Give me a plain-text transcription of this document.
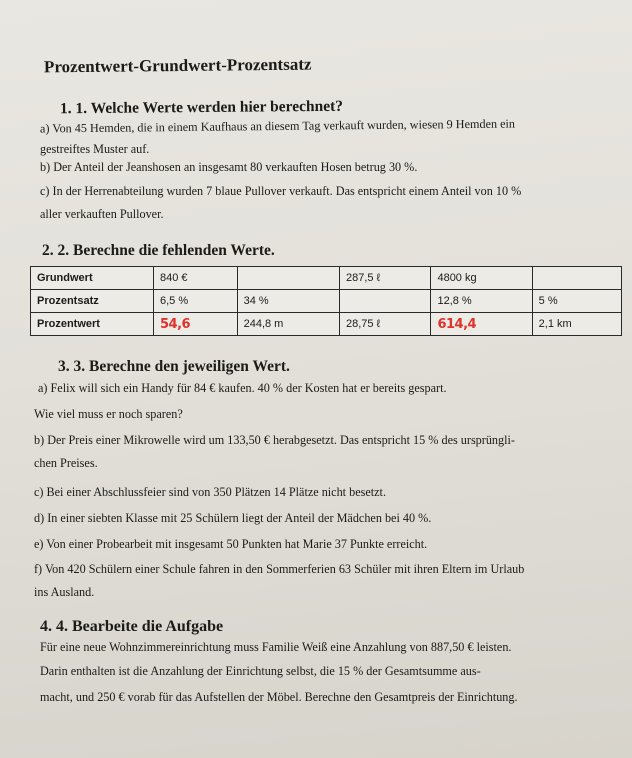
Prozentwert-Grundwert-Prozentsatz
1. 1. Welche Werte werden hier berechnet?
a) Von 45 Hemden, die in einem Kaufhaus an diesem Tag verkauft wurden, wiesen 9 Hemden ein
gestreiftes Muster auf.
b) Der Anteil der Jeanshosen an insgesamt 80 verkauften Hosen betrug 30 %.
c) In der Herrenabteilung wurden 7 blaue Pullover verkauft. Das entspricht einem Anteil von 10 %
aller verkauften Pullover.
2. 2. Berechne die fehlenden Werte.
Grundwert	840 €		287,5 ℓ	4800 kg	
Prozentsatz	6,5 %	34 %		12,8 %	5 %
Prozentwert	54,6	244,8 m	28,75 ℓ	614,4	2,1 km
3. 3. Berechne den jeweiligen Wert.
a) Felix will sich ein Handy für 84 € kaufen. 40 % der Kosten hat er bereits gespart.
Wie viel muss er noch sparen?
b) Der Preis einer Mikrowelle wird um 133,50 € herabgesetzt. Das entspricht 15 % des ursprüngli-
chen Preises.
c) Bei einer Abschlussfeier sind von 350 Plätzen 14 Plätze nicht besetzt.
d) In einer siebten Klasse mit 25 Schülern liegt der Anteil der Mädchen bei 40 %.
e) Von einer Probearbeit mit insgesamt 50 Punkten hat Marie 37 Punkte erreicht.
f) Von 420 Schülern einer Schule fahren in den Sommerferien 63 Schüler mit ihren Eltern im Urlaub
ins Ausland.
4. 4. Bearbeite die Aufgabe
Für eine neue Wohnzimmereinrichtung muss Familie Weiß eine Anzahlung von 887,50 € leisten.
Darin enthalten ist die Anzahlung der Einrichtung selbst, die 15 % der Gesamtsumme aus-
macht, und 250 € vorab für das Aufstellen der Möbel. Berechne den Gesamtpreis der Einrichtung.
